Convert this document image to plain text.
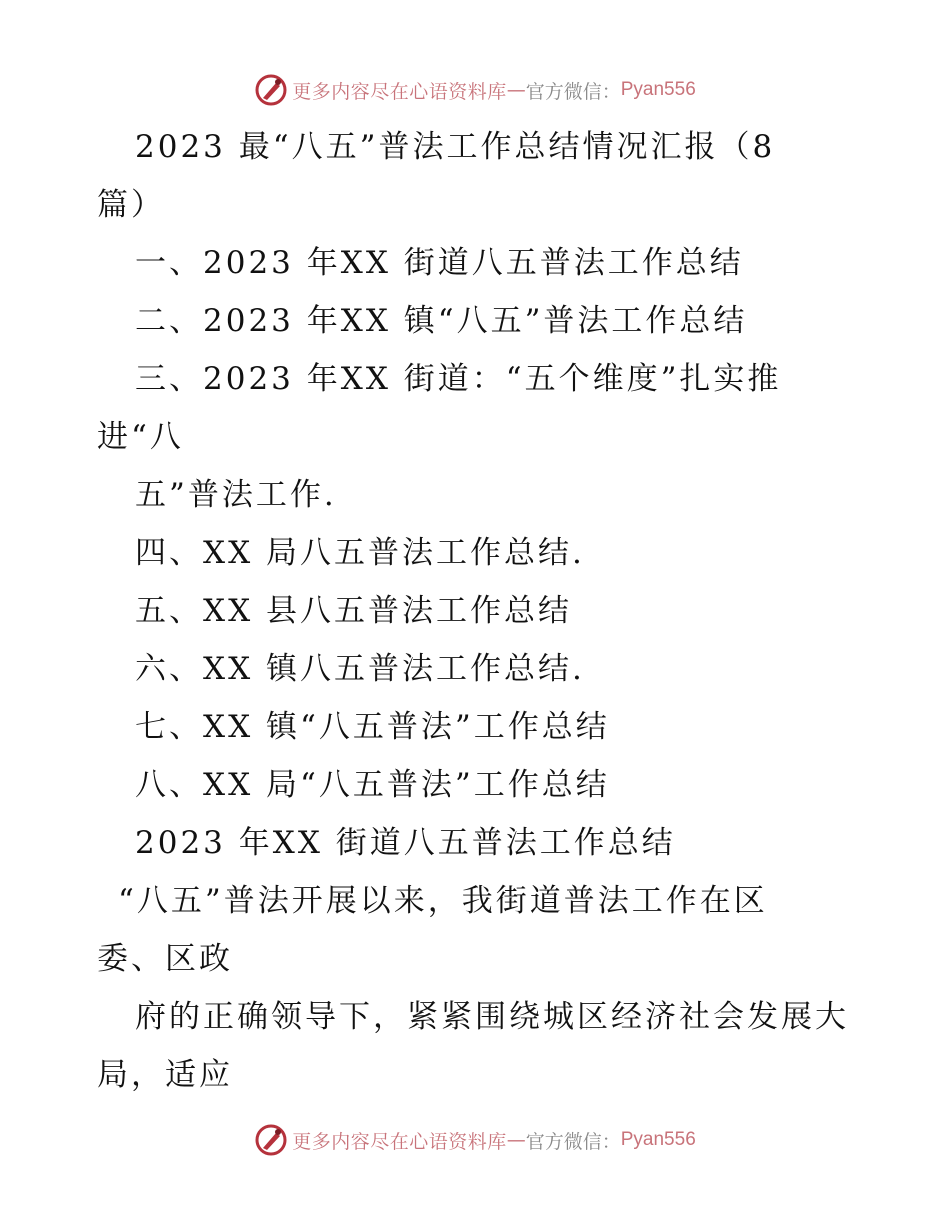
更多内容尽在心语资料库 — 官方微信： Pyan556
2023 最“八五”普法工作总结情况汇报（8
篇）
一、2023 年XX 街道八五普法工作总结
二、2023 年XX 镇“八五”普法工作总结
三、2023 年XX 街道：“五个维度”扎实推
进“八
五”普法工作.
四、XX 局八五普法工作总结.
五、XX 县八五普法工作总结
六、XX 镇八五普法工作总结.
七、XX 镇“八五普法”工作总结
八、XX 局“八五普法”工作总结
2023 年XX 街道八五普法工作总结
“八五”普法开展以来，我街道普法工作在区
委、区政
府的正确领导下，紧紧围绕城区经济社会发展大
局，适应
更多内容尽在心语资料库 — 官方微信： Pyan556
